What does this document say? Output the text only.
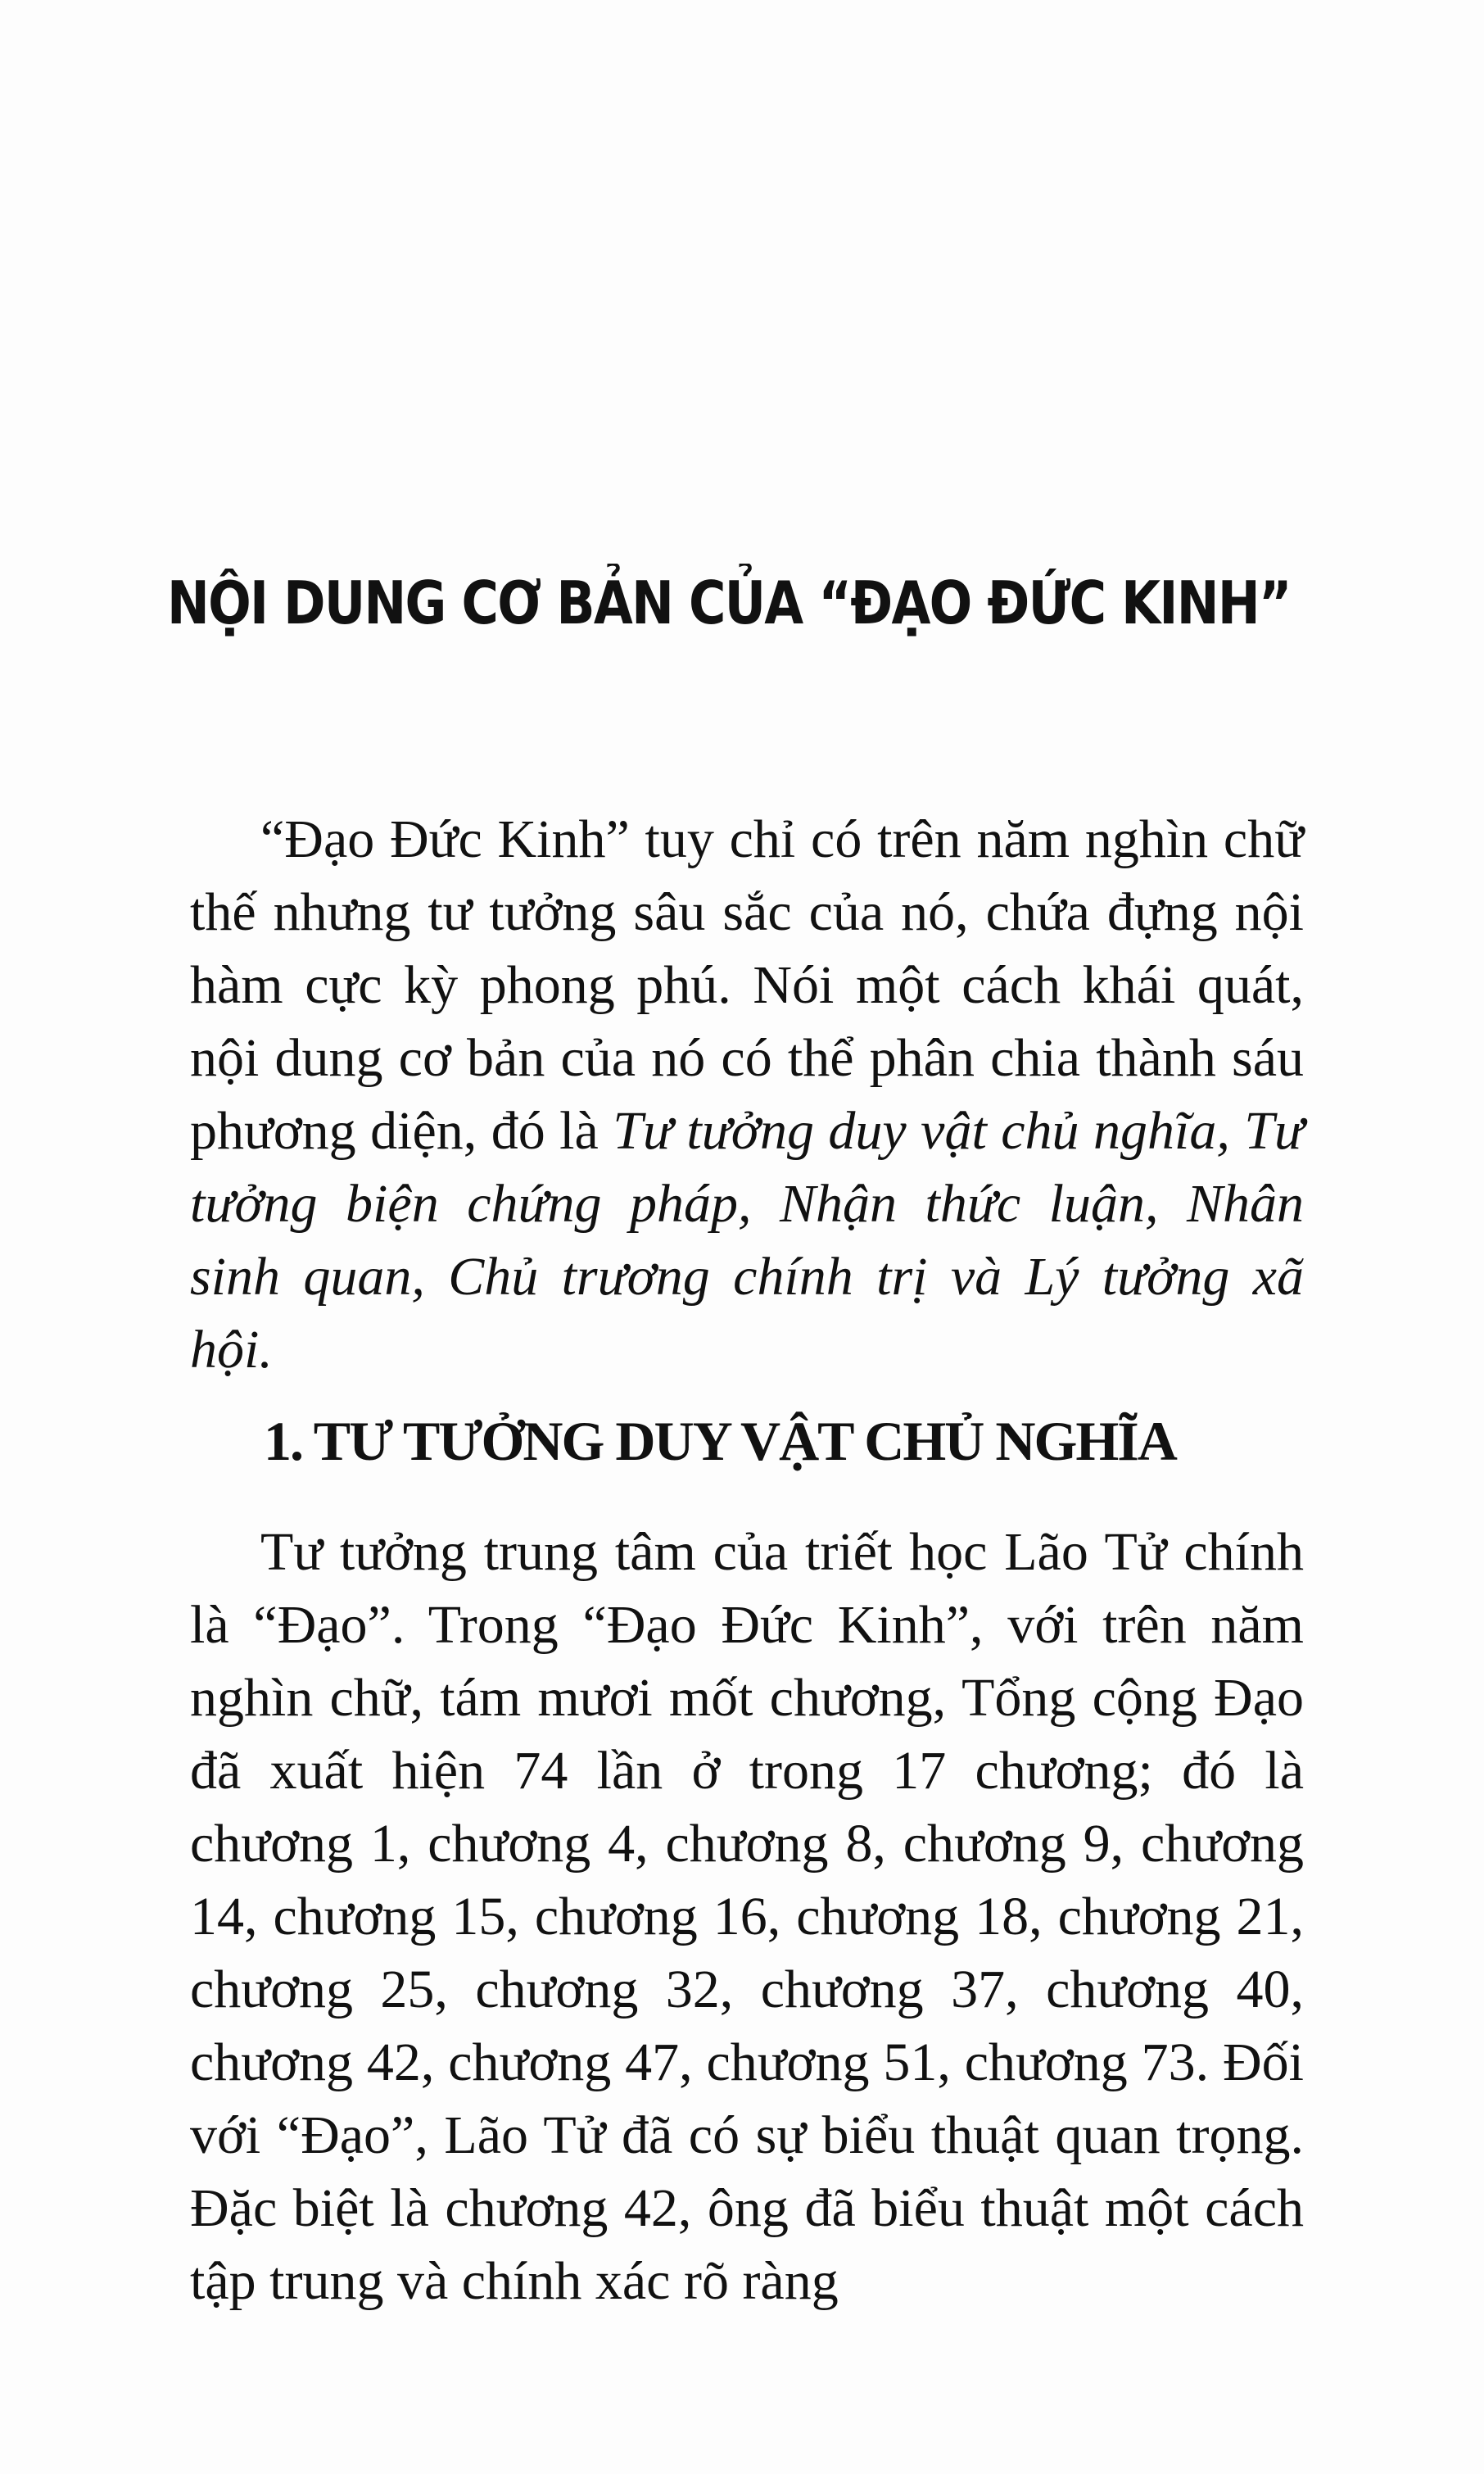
NỘI DUNG CƠ BẢN CỦA “ĐẠO ĐỨC KINH”
“Đạo Đức Kinh” tuy chỉ có trên năm nghìn chữ thế nhưng tư tưởng sâu sắc của nó, chứa đựng nội hàm cực kỳ phong phú. Nói một cách khái quát, nội dung cơ bản của nó có thể phân chia thành sáu phương diện, đó là Tư tưởng duy vật chủ nghĩa, Tư tưởng biện chứng pháp, Nhận thức luận, Nhân sinh quan, Chủ trương chính trị và Lý tưởng xã hội.
1. TƯ TƯỞNG DUY VẬT CHỦ NGHĨA
Tư tưởng trung tâm của triết học Lão Tử chính là “Đạo”. Trong “Đạo Đức Kinh”, với trên năm nghìn chữ, tám mươi mốt chương, Tổng cộng Đạo đã xuất hiện 74 lần ở trong 17 chương; đó là chương 1, chương 4, chương 8, chương 9, chương 14, chương 15, chương 16, chương 18, chương 21, chương 25, chương 32, chương 37, chương 40, chương 42, chương 47, chương 51, chương 73. Đối với “Đạo”, Lão Tử đã có sự biểu thuật quan trọng. Đặc biệt là chương 42, ông đã biểu thuật một cách tập trung và chính xác rõ ràng
